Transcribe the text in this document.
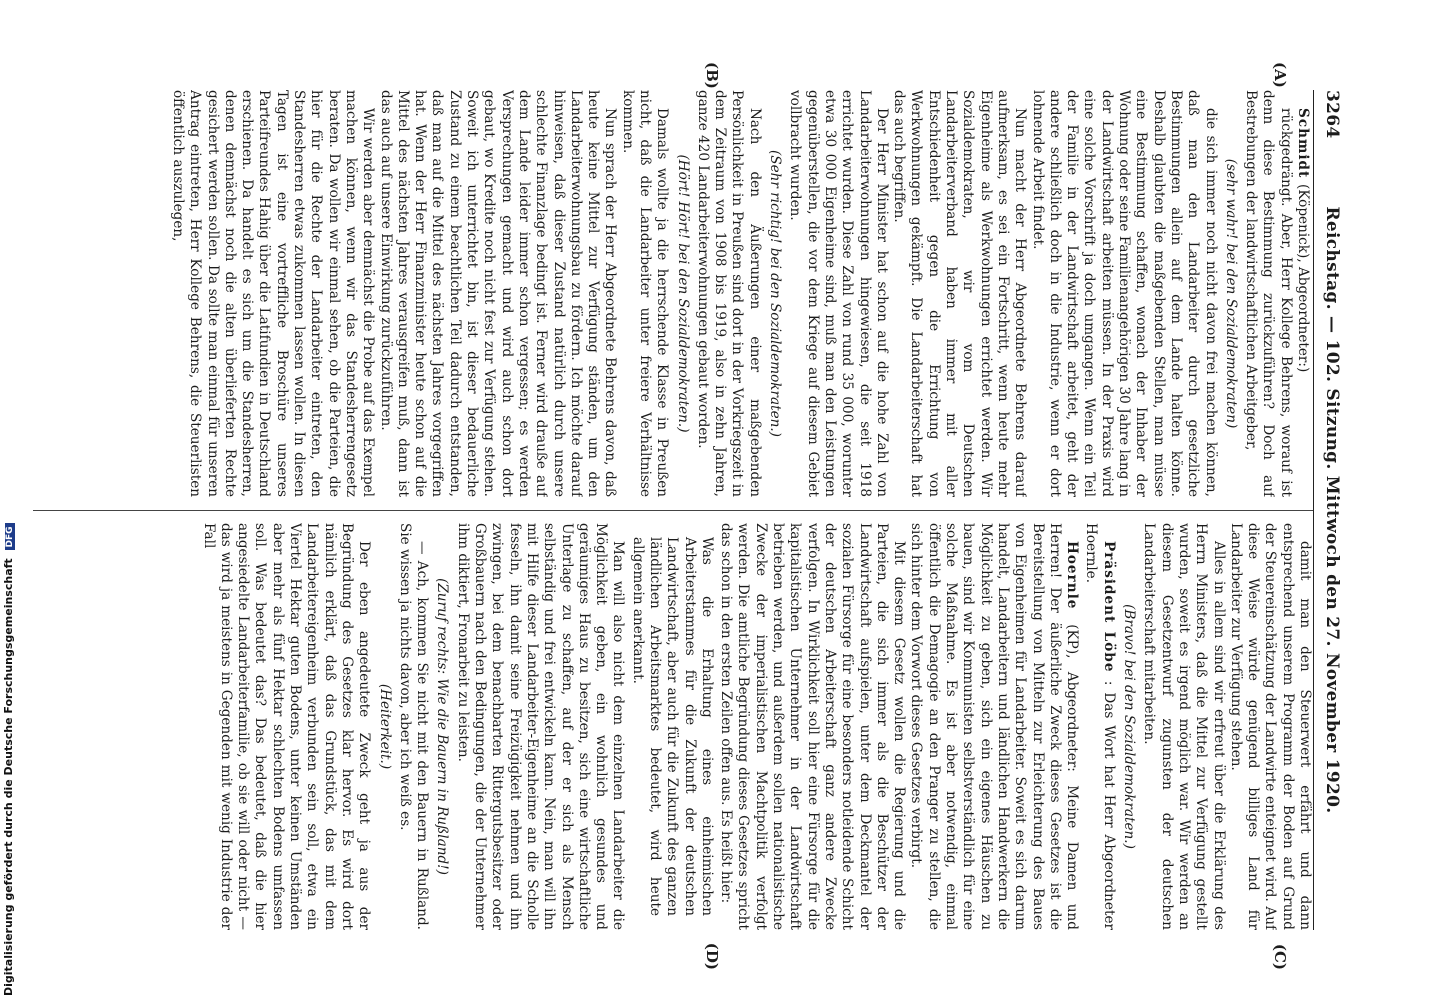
3264
Reichstag. — 102. Sitzung. Mittwoch den 27. November 1920.
(A)
(B)
(C)
(D)

Schmidt (Köpenick), Abgeordneter:)

rückgedrängt. Aber, Herr Kollege Behrens, worauf ist denn diese Bestimmung zurückzuführen? Doch auf Bestrebungen der landwirtschaftlichen Arbeitgeber,

(sehr wahr! bei den Sozialdemokraten)

die sich immer noch nicht davon frei machen können, daß man den Landarbeiter durch gesetzliche Bestimmungen allein auf dem Lande halten könne. Deshalb glaubten die maßgebenden Stellen, man müsse eine Bestimmung schaffen, wonach der Inhaber der Wohnung oder seine Familienangehörigen 30 Jahre lang in der Landwirtschaft arbeiten müssen. In der Praxis wird eine solche Vorschrift ja doch umgangen. Wenn ein Teil der Familie in der Landwirtschaft arbeitet, geht der andere schließlich doch in die Industrie, wenn er dort lohnende Arbeit findet.

Nun macht der Herr Abgeordnete Behrens darauf aufmerksam, es sei ein Fortschritt, wenn heute mehr Eigenheime als Werkwohnungen errichtet werden. Wir Sozialdemokraten, wir vom Deutschen Landarbeiterverband haben immer mit aller Entschiedenheit gegen die Errichtung von Werkwohnungen gekämpft. Die Landarbeiterschaft hat das auch begriffen.

Der Herr Minister hat schon auf die hohe Zahl von Landarbeiterwohnungen hingewiesen, die seit 1918 errichtet wurden. Diese Zahl von rund 35 000, worunter etwa 30 000 Eigenheime sind, muß man den Leistungen gegenüberstellen, die vor dem Kriege auf diesem Gebiet vollbracht wurden.

(Sehr richtig! bei den Sozialdemokraten.)

Nach den Äußerungen einer maßgebenden Persönlichkeit in Preußen sind dort in der Vorkriegszeit in dem Zeitraum von 1908 bis 1919, also in zehn Jahren, ganze 420 Landarbeiterwohnungen gebaut worden.

(Hört! Hört! bei den Sozialdemokraten.)

Damals wollte ja die herrschende Klasse in Preußen nicht, daß die Landarbeiter unter freiere Verhältnisse kommen.

Nun sprach der Herr Abgeordnete Behrens davon, daß heute keine Mittel zur Verfügung ständen, um den Landarbeiterwohnungsbau zu fördern. Ich möchte darauf hinweisen, daß dieser Zustand natürlich durch unsere schlechte Finanzlage bedingt ist. Ferner wird drauße auf dem Lande leider immer schon vergessen; es werden Versprechungen gemacht und wird auch schon dort gebaut, wo Kredite noch nicht fest zur Verfügung stehen. Soweit ich unterrichtet bin, ist dieser bedauerliche Zustand zu einem beachtlichen Teil dadurch entstanden, daß man auf die Mittel des nächsten Jahres vorgegriffen hat. Wenn der Herr Finanzminister heute schon auf die Mittel des nächsten Jahres verausgreifen muß, dann ist das auch auf unsere Einwirkung zurückzuführen.

Wir werden aber demnächst die Probe auf das Exempel machen können, wenn wir das Standesherrengesetz beraten. Da wollen wir einmal sehen, ob die Parteien, die hier für die Rechte der Landarbeiter eintreten, den Standesherren etwas zukommen lassen wollen. In diesen Tagen ist eine vortreffliche Broschüre unseres Parteifreundes Hahig über die Latifundien in Deutschland erschienen. Da handelt es sich um die Standesherren, denen demnächst noch die alten überlieferten Rechte gesichert werden sollen. Da sollte man einmal für unseren Antrag eintreten, Herr Kollege Behrens, die Steuerlisten öffentlich auszulegen,

damit man den Steuerwert erfährt und dann entsprechend unserem Programm der Boden auf Grund der Steuereinschätzung der Landwirte enteignet wird. Auf diese Weise würde genügend billiges Land für Landarbeiter zur Verfügung stehen.

Alles in allem sind wir erfreut über die Erklärung des Herrn Ministers, daß die Mittel zur Verfügung gestellt wurden, soweit es irgend möglich war. Wir werden an diesem Gesetzentwurf zugunsten der deutschen Landarbeiterschaft mitarbeiten.

(Bravo! bei den Sozialdemokraten.)

Präsident Löbe : Das Wort hat Herr Abgeordneter Hoernle.

Hoernle (KP), Abgeordneter: Meine Damen und Herren! Der äußerliche Zweck dieses Gesetzes ist die Bereitstellung von Mitteln zur Erleichterung des Baues von Eigenheimen für Landarbeiter. Soweit es sich darum handelt, Landarbeitern und ländlichen Handwerkern die Möglichkeit zu geben, sich ein eigenes Häuschen zu bauen, sind wir Kommunisten selbstverständlich für eine solche Maßnahme. Es ist aber notwendig, einmal öffentlich die Demagogie an den Pranger zu stellen, die sich hinter dem Vorwort dieses Gesetzes verbirgt.

Mit diesem Gesetz wollen die Regierung und die Parteien, die sich immer als die Beschützer der Landwirtschaft aufspielen, unter dem Deckmantel der sozialen Fürsorge für eine besonders notleidende Schicht der deutschen Arbeiterschaft ganz andere Zwecke verfolgen. In Wirklichkeit soll hier eine Fürsorge für die kapitalistischen Unternehmer in der Landwirtschaft betrieben werden, und außerdem sollen nationalistische Zwecke der imperialistischen Machtpolitik verfolgt werden. Die amtliche Begründung dieses Gesetzes spricht das schon in den ersten Zeilen offen aus. Es heißt hier:

Was die Erhaltung eines einheimischen Arbeiterstammes für die Zukunft der deutschen Landwirtschaft, aber auch für die Zukunft des ganzen ländlichen Arbeitsmarktes bedeutet, wird heute allgemein anerkannt.

Man will also nicht dem einzelnen Landarbeiter die Möglichkeit geben, ein wohnlich gesundes und geräumiges Haus zu besitzen, sich eine wirtschaftliche Unterlage zu schaffen, auf der er sich als Mensch selbständig und frei entwickeln kann. Nein, man will ihn mit Hilfe dieser Landarbeiter-Eigenheime an die Scholle fesseln, ihn damit seine Freizügigkeit nehmen und ihn zwingen, bei dem benachbarten Rittergutsbesitzer oder Großbauern nach den Bedingungen, die der Unternehmer ihm diktiert, Fronarbeit zu leisten.

(Zuruf rechts: Wie die Bauern in Rußland!)

— Ach, kommen Sie nicht mit den Bauern in Rußland. Sie wissen ja nichts davon, aber ich weiß es.

(Heiterkeit.)

Der eben angedeutete Zweck geht ja aus der Begründung des Gesetzes klar hervor. Es wird dort nämlich erklärt, daß das Grundstück, das mit dem Landarbeitereigenheim verbunden sein soll, etwa ein Viertel Hektar guten Bodens, unter keinen Umständen aber mehr als fünf Hektar schlechten Bodens umfassen soll. Was bedeutet das? Das bedeutet, daß die hier angesiedelte Landarbeiterfamilie, ob sie will oder nicht — das wird ja meistens in Gegenden mit wenig Industrie der Fall

Digitalisierung gefördert durch die Deutsche Forschungsgemeinschaft DFG
